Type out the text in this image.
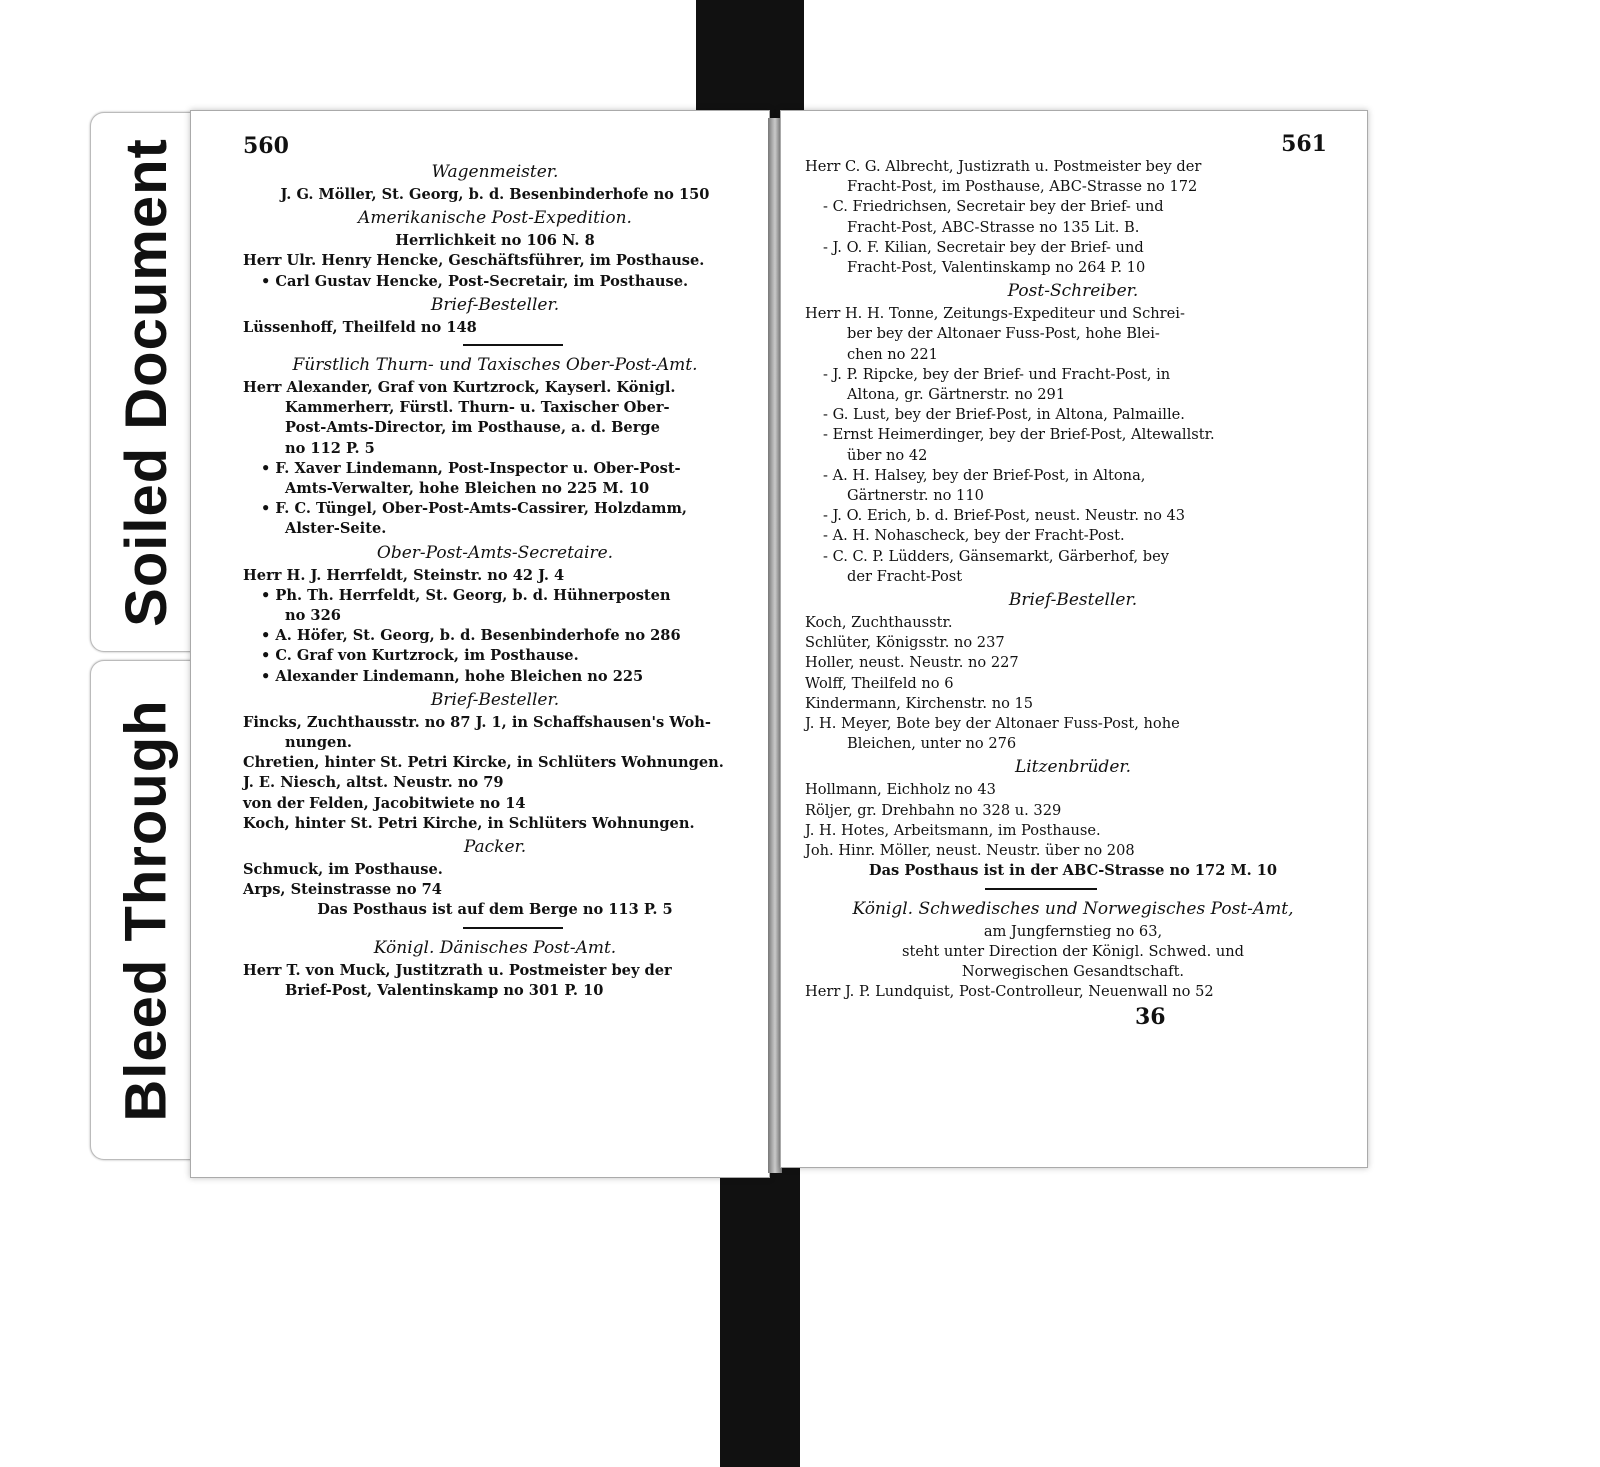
Soiled Document
Bleed Through
560
Wagenmeister.
J. G. Möller, St. Georg, b. d. Besenbinderhofe no 150
Amerikanische Post-Expedition.
Herrlichkeit no 106 N. 8
Herr Ulr. Henry Hencke, Geschäftsführer, im Posthause.
• Carl Gustav Hencke, Post-Secretair, im Posthause.
Brief-Besteller.
Lüssenhoff, Theilfeld no 148
Fürstlich Thurn- und Taxisches Ober-Post-Amt.
Herr Alexander, Graf von Kurtzrock, Kayserl. Königl.
Kammerherr, Fürstl. Thurn- u. Taxischer Ober-
Post-Amts-Director, im Posthause, a. d. Berge
no 112 P. 5
• F. Xaver Lindemann, Post-Inspector u. Ober-Post-
Amts-Verwalter, hohe Bleichen no 225 M. 10
• F. C. Tüngel, Ober-Post-Amts-Cassirer, Holzdamm,
Alster-Seite.
Ober-Post-Amts-Secretaire.
Herr H. J. Herrfeldt, Steinstr. no 42 J. 4
• Ph. Th. Herrfeldt, St. Georg, b. d. Hühnerposten
no 326
• A. Höfer, St. Georg, b. d. Besenbinderhofe no 286
• C. Graf von Kurtzrock, im Posthause.
• Alexander Lindemann, hohe Bleichen no 225
Brief-Besteller.
Fincks, Zuchthausstr. no 87 J. 1, in Schaffshausen's Woh-
nungen.
Chretien, hinter St. Petri Kircke, in Schlüters Wohnungen.
J. E. Niesch, altst. Neustr. no 79
von der Felden, Jacobitwiete no 14
Koch, hinter St. Petri Kirche, in Schlüters Wohnungen.
Packer.
Schmuck, im Posthause.
Arps, Steinstrasse no 74
Das Posthaus ist auf dem Berge no 113 P. 5
Königl. Dänisches Post-Amt.
Herr T. von Muck, Justitzrath u. Postmeister bey der
Brief-Post, Valentinskamp no 301 P. 10
561
Herr C. G. Albrecht, Justizrath u. Postmeister bey der
Fracht-Post, im Posthause, ABC-Strasse no 172
- C. Friedrichsen, Secretair bey der Brief- und
Fracht-Post, ABC-Strasse no 135 Lit. B.
- J. O. F. Kilian, Secretair bey der Brief- und
Fracht-Post, Valentinskamp no 264 P. 10
Post-Schreiber.
Herr H. H. Tonne, Zeitungs-Expediteur und Schrei-
ber bey der Altonaer Fuss-Post, hohe Blei-
chen no 221
- J. P. Ripcke, bey der Brief- und Fracht-Post, in
Altona, gr. Gärtnerstr. no 291
- G. Lust, bey der Brief-Post, in Altona, Palmaille.
- Ernst Heimerdinger, bey der Brief-Post, Altewallstr.
über no 42
- A. H. Halsey, bey der Brief-Post, in Altona,
Gärtnerstr. no 110
- J. O. Erich, b. d. Brief-Post, neust. Neustr. no 43
- A. H. Nohascheck, bey der Fracht-Post.
- C. C. P. Lüdders, Gänsemarkt, Gärberhof, bey
der Fracht-Post
Brief-Besteller.
Koch, Zuchthausstr.
Schlüter, Königsstr. no 237
Holler, neust. Neustr. no 227
Wolff, Theilfeld no 6
Kindermann, Kirchenstr. no 15
J. H. Meyer, Bote bey der Altonaer Fuss-Post, hohe
Bleichen, unter no 276
Litzenbrüder.
Hollmann, Eichholz no 43
Röljer, gr. Drehbahn no 328 u. 329
J. H. Hotes, Arbeitsmann, im Posthause.
Joh. Hinr. Möller, neust. Neustr. über no 208
Das Posthaus ist in der ABC-Strasse no 172 M. 10
Königl. Schwedisches und Norwegisches Post-Amt,
am Jungfernstieg no 63,
steht unter Direction der Königl. Schwed. und
Norwegischen Gesandtschaft.
Herr J. P. Lundquist, Post-Controlleur, Neuenwall no 52
36
